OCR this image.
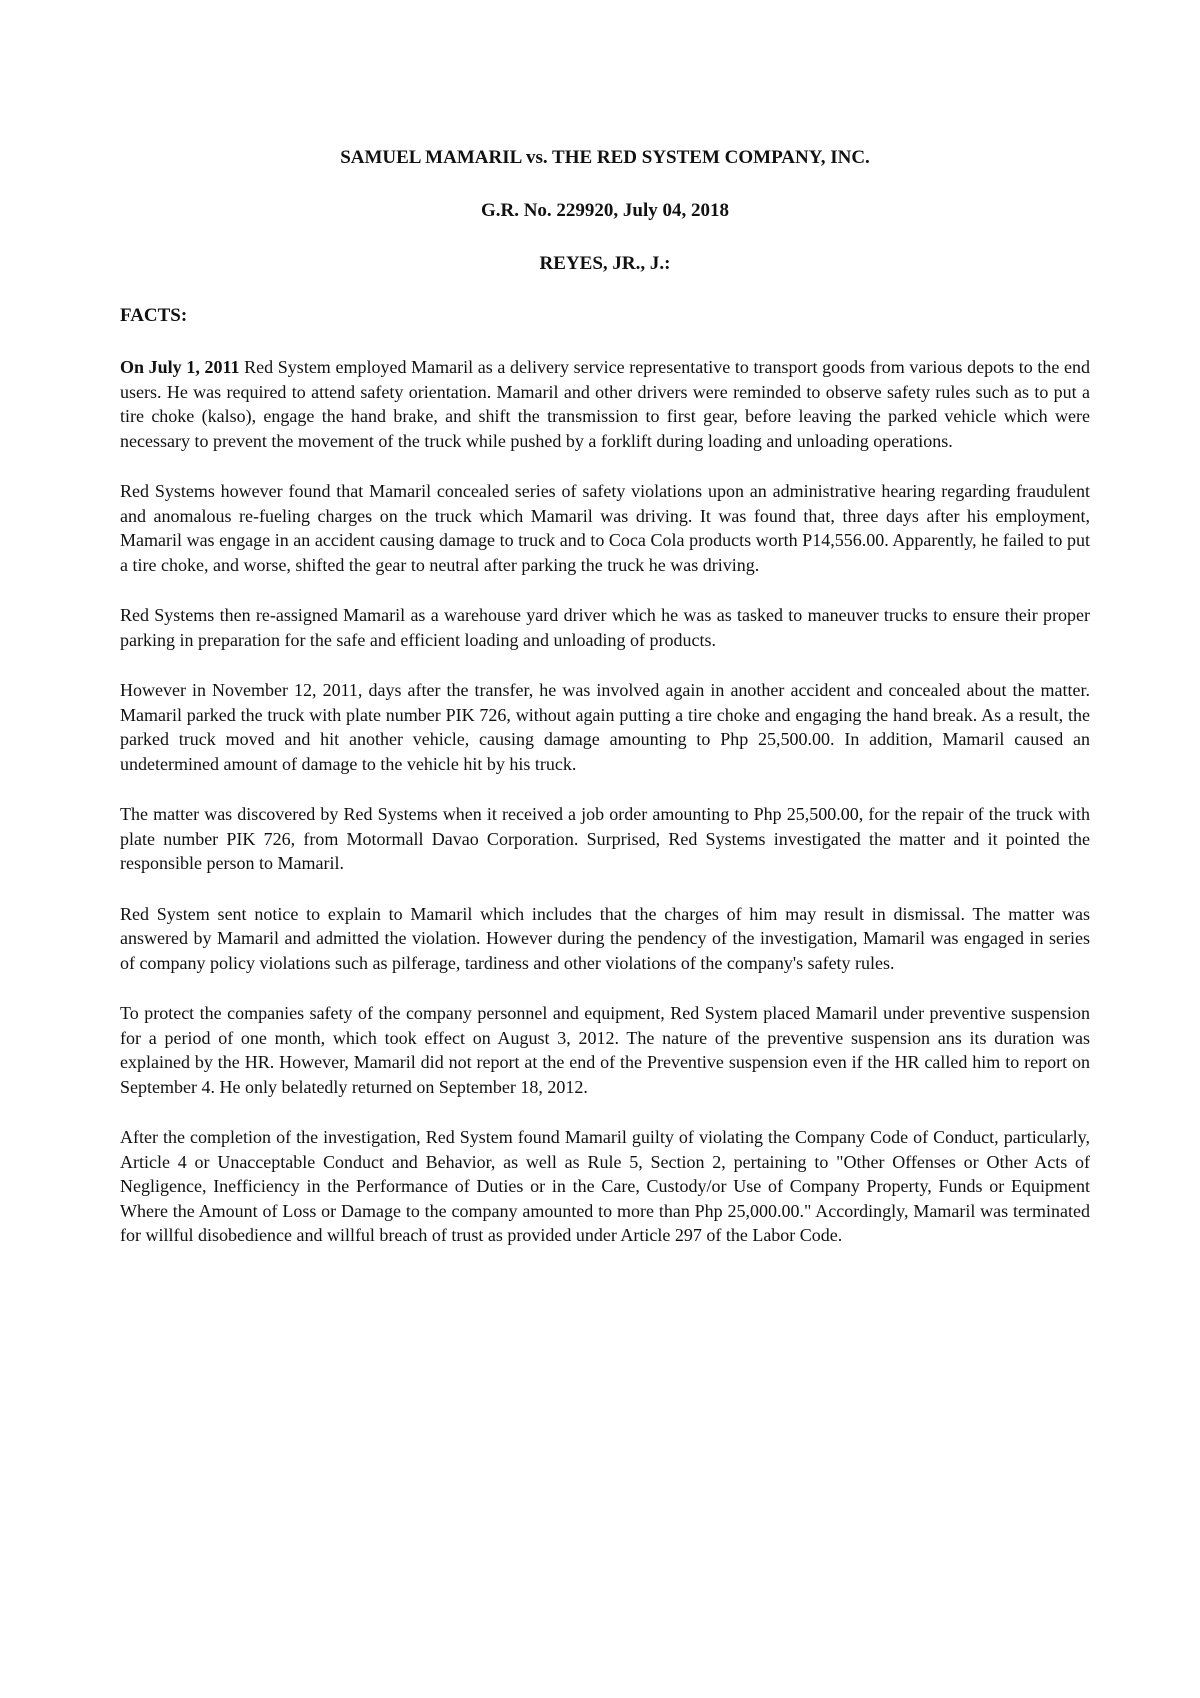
SAMUEL MAMARIL vs. THE RED SYSTEM COMPANY, INC.

G.R. No. 229920, July 04, 2018

REYES, JR., J.:

FACTS:

On July 1, 2011 Red System employed Mamaril as a delivery service representative to transport goods from various depots to the end users. He was required to attend safety orientation. Mamaril and other drivers were reminded to observe safety rules such as to put a tire choke (kalso), engage the hand brake, and shift the transmission to first gear, before leaving the parked vehicle which were necessary to prevent the movement of the truck while pushed by a forklift during loading and unloading operations.

Red Systems however found that Mamaril concealed series of safety violations upon an administrative hearing regarding fraudulent and anomalous re-fueling charges on the truck which Mamaril was driving. It was found that, three days after his employment, Mamaril was engage in an accident causing damage to truck and to Coca Cola products worth P14,556.00. Apparently, he failed to put a tire choke, and worse, shifted the gear to neutral after parking the truck he was driving.

Red Systems then re-assigned Mamaril as a warehouse yard driver which he was as tasked to maneuver trucks to ensure their proper parking in preparation for the safe and efficient loading and unloading of products.

However in November 12, 2011, days after the transfer, he was involved again in another accident and concealed about the matter. Mamaril parked the truck with plate number PIK 726, without again putting a tire choke and engaging the hand break. As a result, the parked truck moved and hit another vehicle, causing damage amounting to Php 25,500.00. In addition, Mamaril caused an undetermined amount of damage to the vehicle hit by his truck.

The matter was discovered by Red Systems when it received a job order amounting to Php 25,500.00, for the repair of the truck with plate number PIK 726, from Motormall Davao Corporation. Surprised, Red Systems investigated the matter and it pointed the responsible person to Mamaril.

Red System sent notice to explain to Mamaril which includes that the charges of him may result in dismissal. The matter was answered by Mamaril and admitted the violation. However during the pendency of the investigation, Mamaril was engaged in series of company policy violations such as pilferage, tardiness and other violations of the company's safety rules.

To protect the companies safety of the company personnel and equipment, Red System placed Mamaril under preventive suspension for a period of one month, which took effect on August 3, 2012. The nature of the preventive suspension ans its duration was explained by the HR. However, Mamaril did not report at the end of the Preventive suspension even if the HR called him to report on September 4. He only belatedly returned on September 18, 2012.

After the completion of the investigation, Red System found Mamaril guilty of violating the Company Code of Conduct, particularly, Article 4 or Unacceptable Conduct and Behavior, as well as Rule 5, Section 2, pertaining to "Other Offenses or Other Acts of Negligence, Inefficiency in the Performance of Duties or in the Care, Custody/or Use of Company Property, Funds or Equipment Where the Amount of Loss or Damage to the company amounted to more than Php 25,000.00." Accordingly, Mamaril was terminated for willful disobedience and willful breach of trust as provided under Article 297 of the Labor Code.
